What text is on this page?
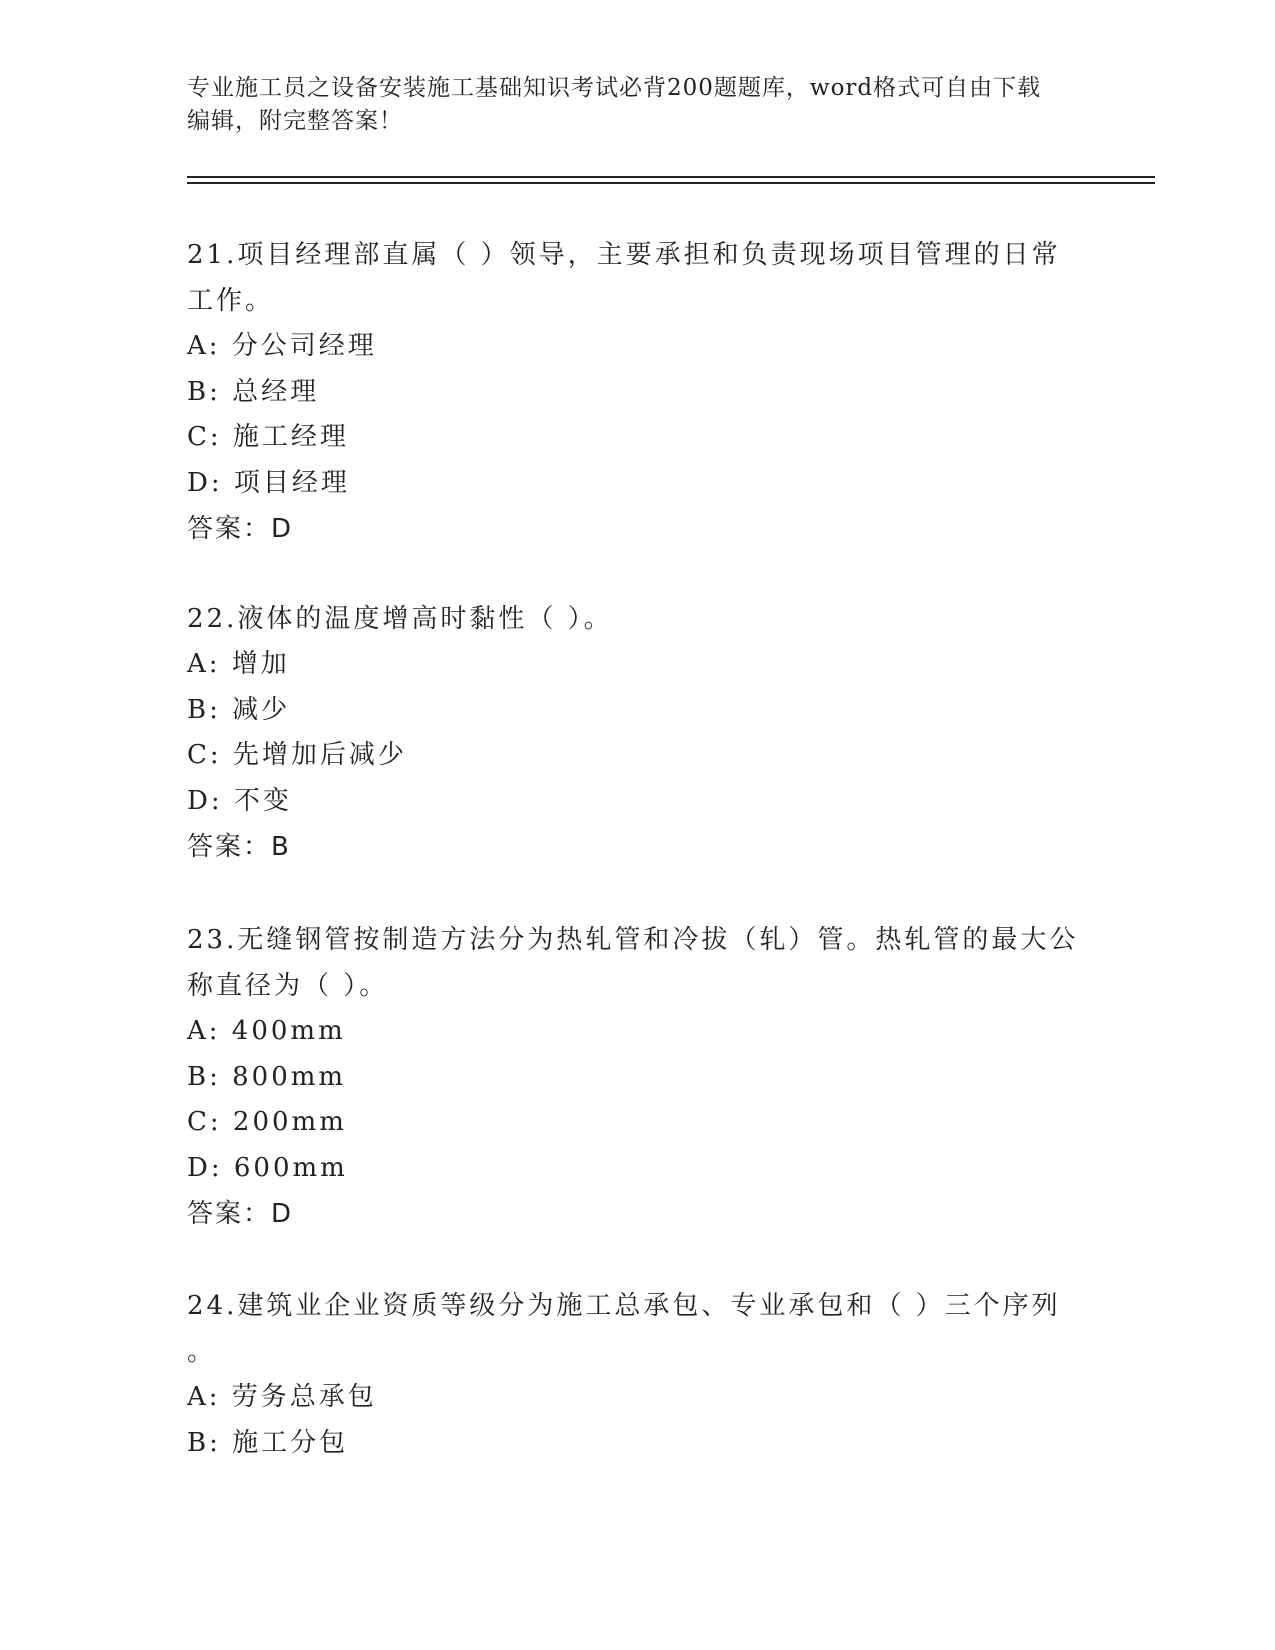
专业施工员之设备安装施工基础知识考试必背200题题库，word格式可自由下载
编辑，附完整答案！

21.项目经理部直属（ ）领导，主要承担和负责现场项目管理的日常

工作。

A: 分公司经理

B: 总经理

C: 施工经理

D: 项目经理

答案：D

22.液体的温度增高时黏性（ ）。

A: 增加

B: 减少

C: 先增加后减少

D: 不变

答案：B

23.无缝钢管按制造方法分为热轧管和冷拔（轧）管。热轧管的最大公

称直径为（ ）。

A: 400mm

B: 800mm

C: 200mm

D: 600mm

答案：D

24.建筑业企业资质等级分为施工总承包、专业承包和（ ）三个序列

。

A: 劳务总承包

B: 施工分包
